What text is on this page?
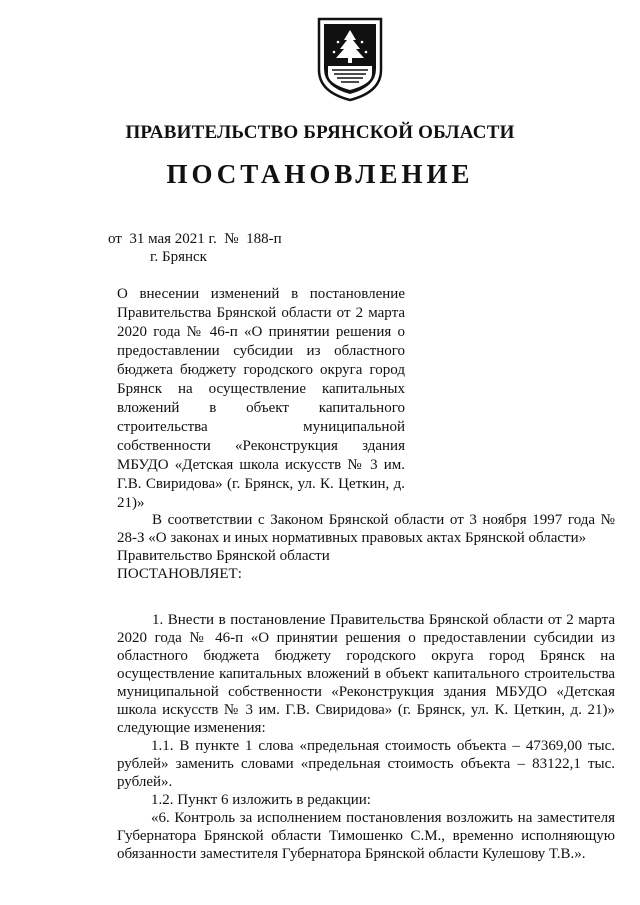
ПРАВИТЕЛЬСТВО БРЯНСКОЙ ОБЛАСТИ
ПОСТАНОВЛЕНИЕ
от  31 мая 2021 г.  №  188-п
г. Брянск
О внесении изменений в постановление Правительства Брянской области от 2 марта 2020 года № 46-п «О принятии решения о предоставлении субсидии из областного бюджета бюджету городского округа город Брянск на осуществление капитальных вложений в объект капитального строительства муниципальной собственности «Реконструкция здания МБУДО «Детская школа искусств № 3 им. Г.В. Свиридова» (г. Брянск, ул. К. Цеткин, д. 21)»

В соответствии с Законом Брянской области от 3 ноября 1997 года № 28-З «О законах и иных нормативных правовых актах Брянской области»

Правительство Брянской области

ПОСТАНОВЛЯЕТ:

1. Внести в постановление Правительства Брянской области от 2 марта 2020 года № 46-п «О принятии решения о предоставлении субсидии из областного бюджета бюджету городского округа город Брянск на осуществление капитальных вложений в объект капитального строительства муниципальной собственности «Реконструкция здания МБУДО «Детская школа искусств № 3 им. Г.В. Свиридова» (г. Брянск, ул. К. Цеткин, д. 21)» следующие изменения:

1.1. В пункте 1 слова «предельная стоимость объекта – 47369,00 тыс. рублей» заменить словами «предельная стоимость объекта – 83122,1 тыс. рублей».

1.2. Пункт 6 изложить в редакции:

«6. Контроль за исполнением постановления возложить на заместителя Губернатора Брянской области Тимошенко С.М., временно исполняющую обязанности заместителя Губернатора Брянской области Кулешову Т.В.».
